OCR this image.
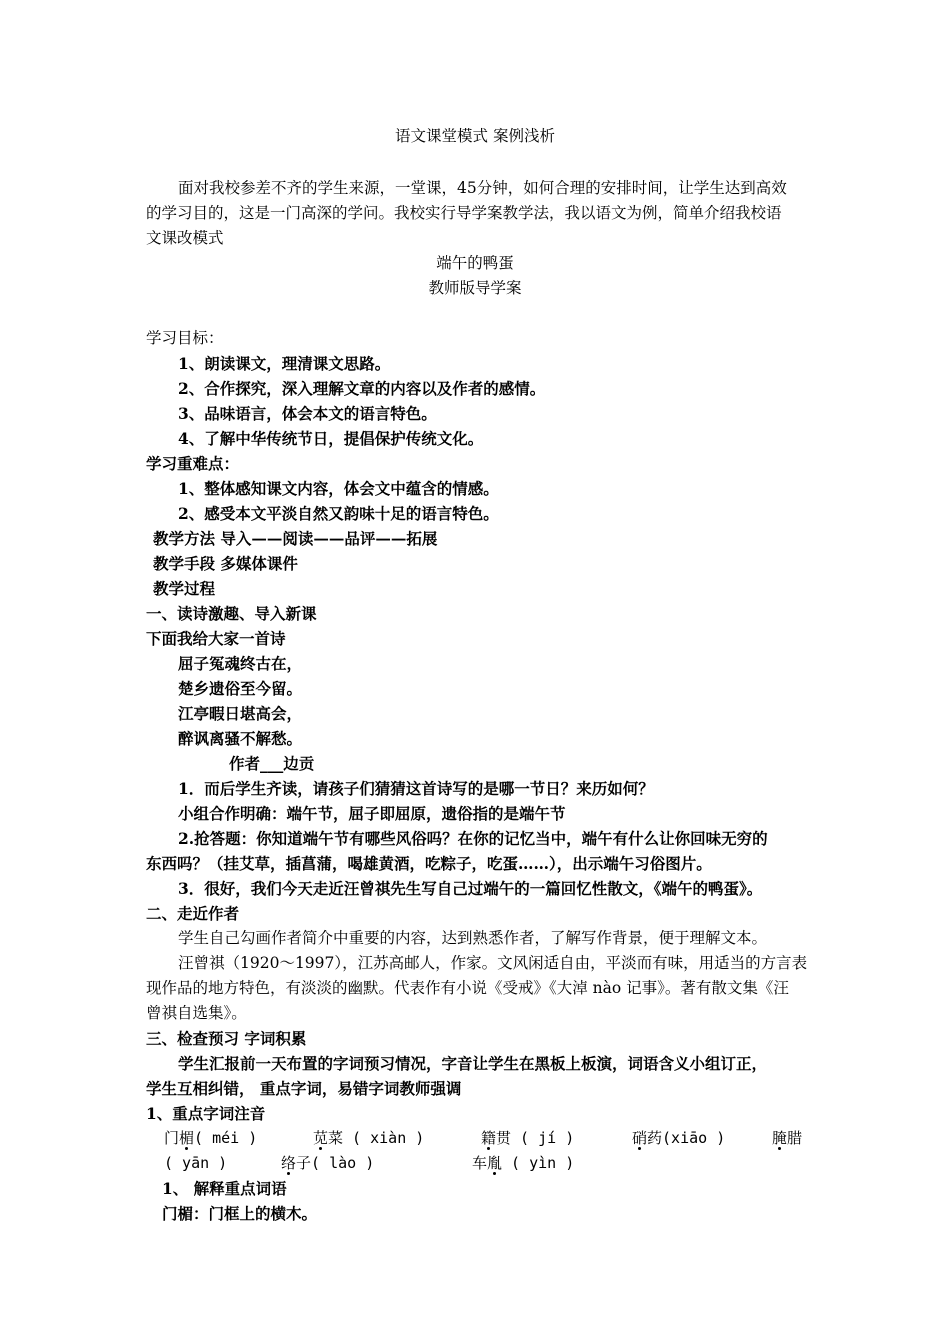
语文课堂模式 案例浅析
面对我校参差不齐的学生来源，一堂课，45分钟，如何合理的安排时间，让学生达到高效
的学习目的，这是一门高深的学问。我校实行导学案教学法，我以语文为例，简单介绍我校语
文课改模式
端午的鸭蛋
教师版导学案
学习目标：
1、朗读课文，理清课文思路。
2、合作探究，深入理解文章的内容以及作者的感情。
3、品味语言，体会本文的语言特色。
4、了解中华传统节日，提倡保护传统文化。
学习重难点：
1、整体感知课文内容，体会文中蕴含的情感。
2、感受本文平淡自然又韵味十足的语言特色。
教学方法 导入——阅读——品评——拓展
教学手段 多媒体课件
教学过程
一、读诗激趣、导入新课
下面我给大家一首诗
屈子冤魂终古在，
楚乡遗俗至今留。
江亭暇日堪高会，
醉讽离骚不解愁。
作者___边贡
1．而后学生齐读，请孩子们猜猜这首诗写的是哪一节日？来历如何？
小组合作明确：端午节，屈子即屈原，遗俗指的是端午节
2.抢答题：你知道端午节有哪些风俗吗？在你的记忆当中，端午有什么让你回味无穷的
东西吗？（挂艾草，插菖蒲，喝雄黄酒，吃粽子，吃蛋……），出示端午习俗图片。
3．很好，我们今天走近汪曾祺先生写自己过端午的一篇回忆性散文，《端午的鸭蛋》。
二、走近作者
学生自己勾画作者简介中重要的内容，达到熟悉作者，了解写作背景，便于理解文本。
汪曾祺（1920～1997），江苏高邮人，作家。文风闲适自由，平淡而有味，用适当的方言表
现作品的地方特色，有淡淡的幽默。代表作有小说《受戒》《大淖 nào 记事》。著有散文集《汪
曾祺自选集》。
三、检查预习 字词积累
学生汇报前一天布置的字词预习情况，字音让学生在黑板上板演，词语含义小组订正，
学生互相纠错， 重点字词，易错字词教师强调
1、重点字词注音
门楣
( méi )	苋
菜 ( xiàn )	籍
贯 ( jí )	硝
药(xiāo )	腌
腊
( yān )	络
子( lào )	车胤
( yìn )
1、 解释重点词语
门楣：门框上的横木。
